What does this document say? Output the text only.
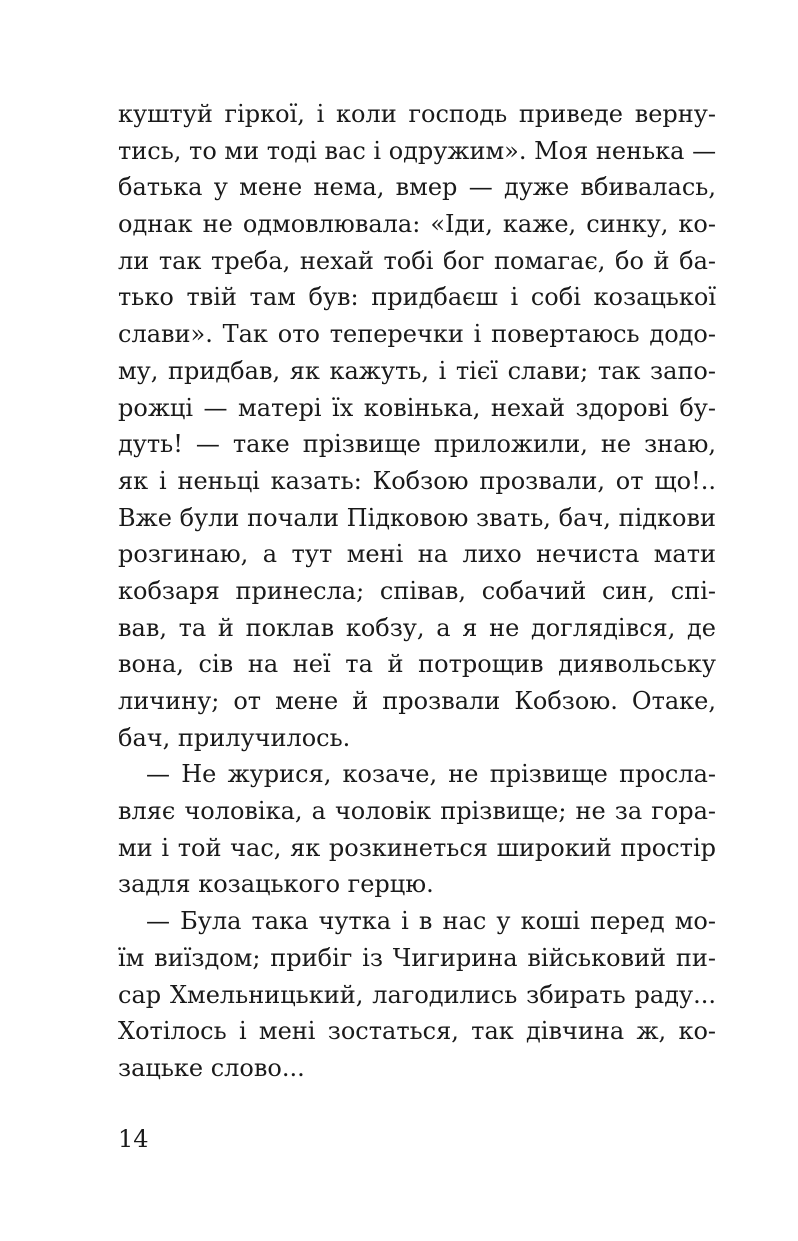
куштуй гіркої, і коли господь приведе верну-
тись, то ми тоді вас і одружим». Моя ненька —
батька у мене нема, вмер — дуже вбивалась,
однак не одмовлювала: «Іди, каже, синку, ко-
ли так треба, нехай тобі бог помагає, бо й ба-
тько твій там був: придбаєш і собі козацької
слави». Так ото теперечки і повертаюсь додо-
му, придбав, як кажуть, і тієї слави; так запо-
рожці — матері їх ковінька, нехай здорові бу-
дуть! — таке прізвище приложили, не знаю,
як і неньці казать: Кобзою прозвали, от що!..
Вже були почали Підковою звать, бач, підкови
розгинаю, а тут мені на лихо нечиста мати
кобзаря принесла; співав, собачий син, спі-
вав, та й поклав кобзу, а я не доглядівся, де
вона, сів на неї та й потрощив диявольську
личину; от мене й прозвали Кобзою. Отаке,
бач, прилучилось.
— Не журися, козаче, не прізвище просла-
вляє чоловіка, а чоловік прізвище; не за гора-
ми і той час, як розкинеться широкий простір
задля козацького герцю.
— Була така чутка і в нас у коші перед мо-
їм виїздом; прибіг із Чигирина військовий пи-
сар Хмельницький, лагодились збирать раду...
Хотілось і мені зостаться, так дівчина ж, ко-
зацьке слово...
14
